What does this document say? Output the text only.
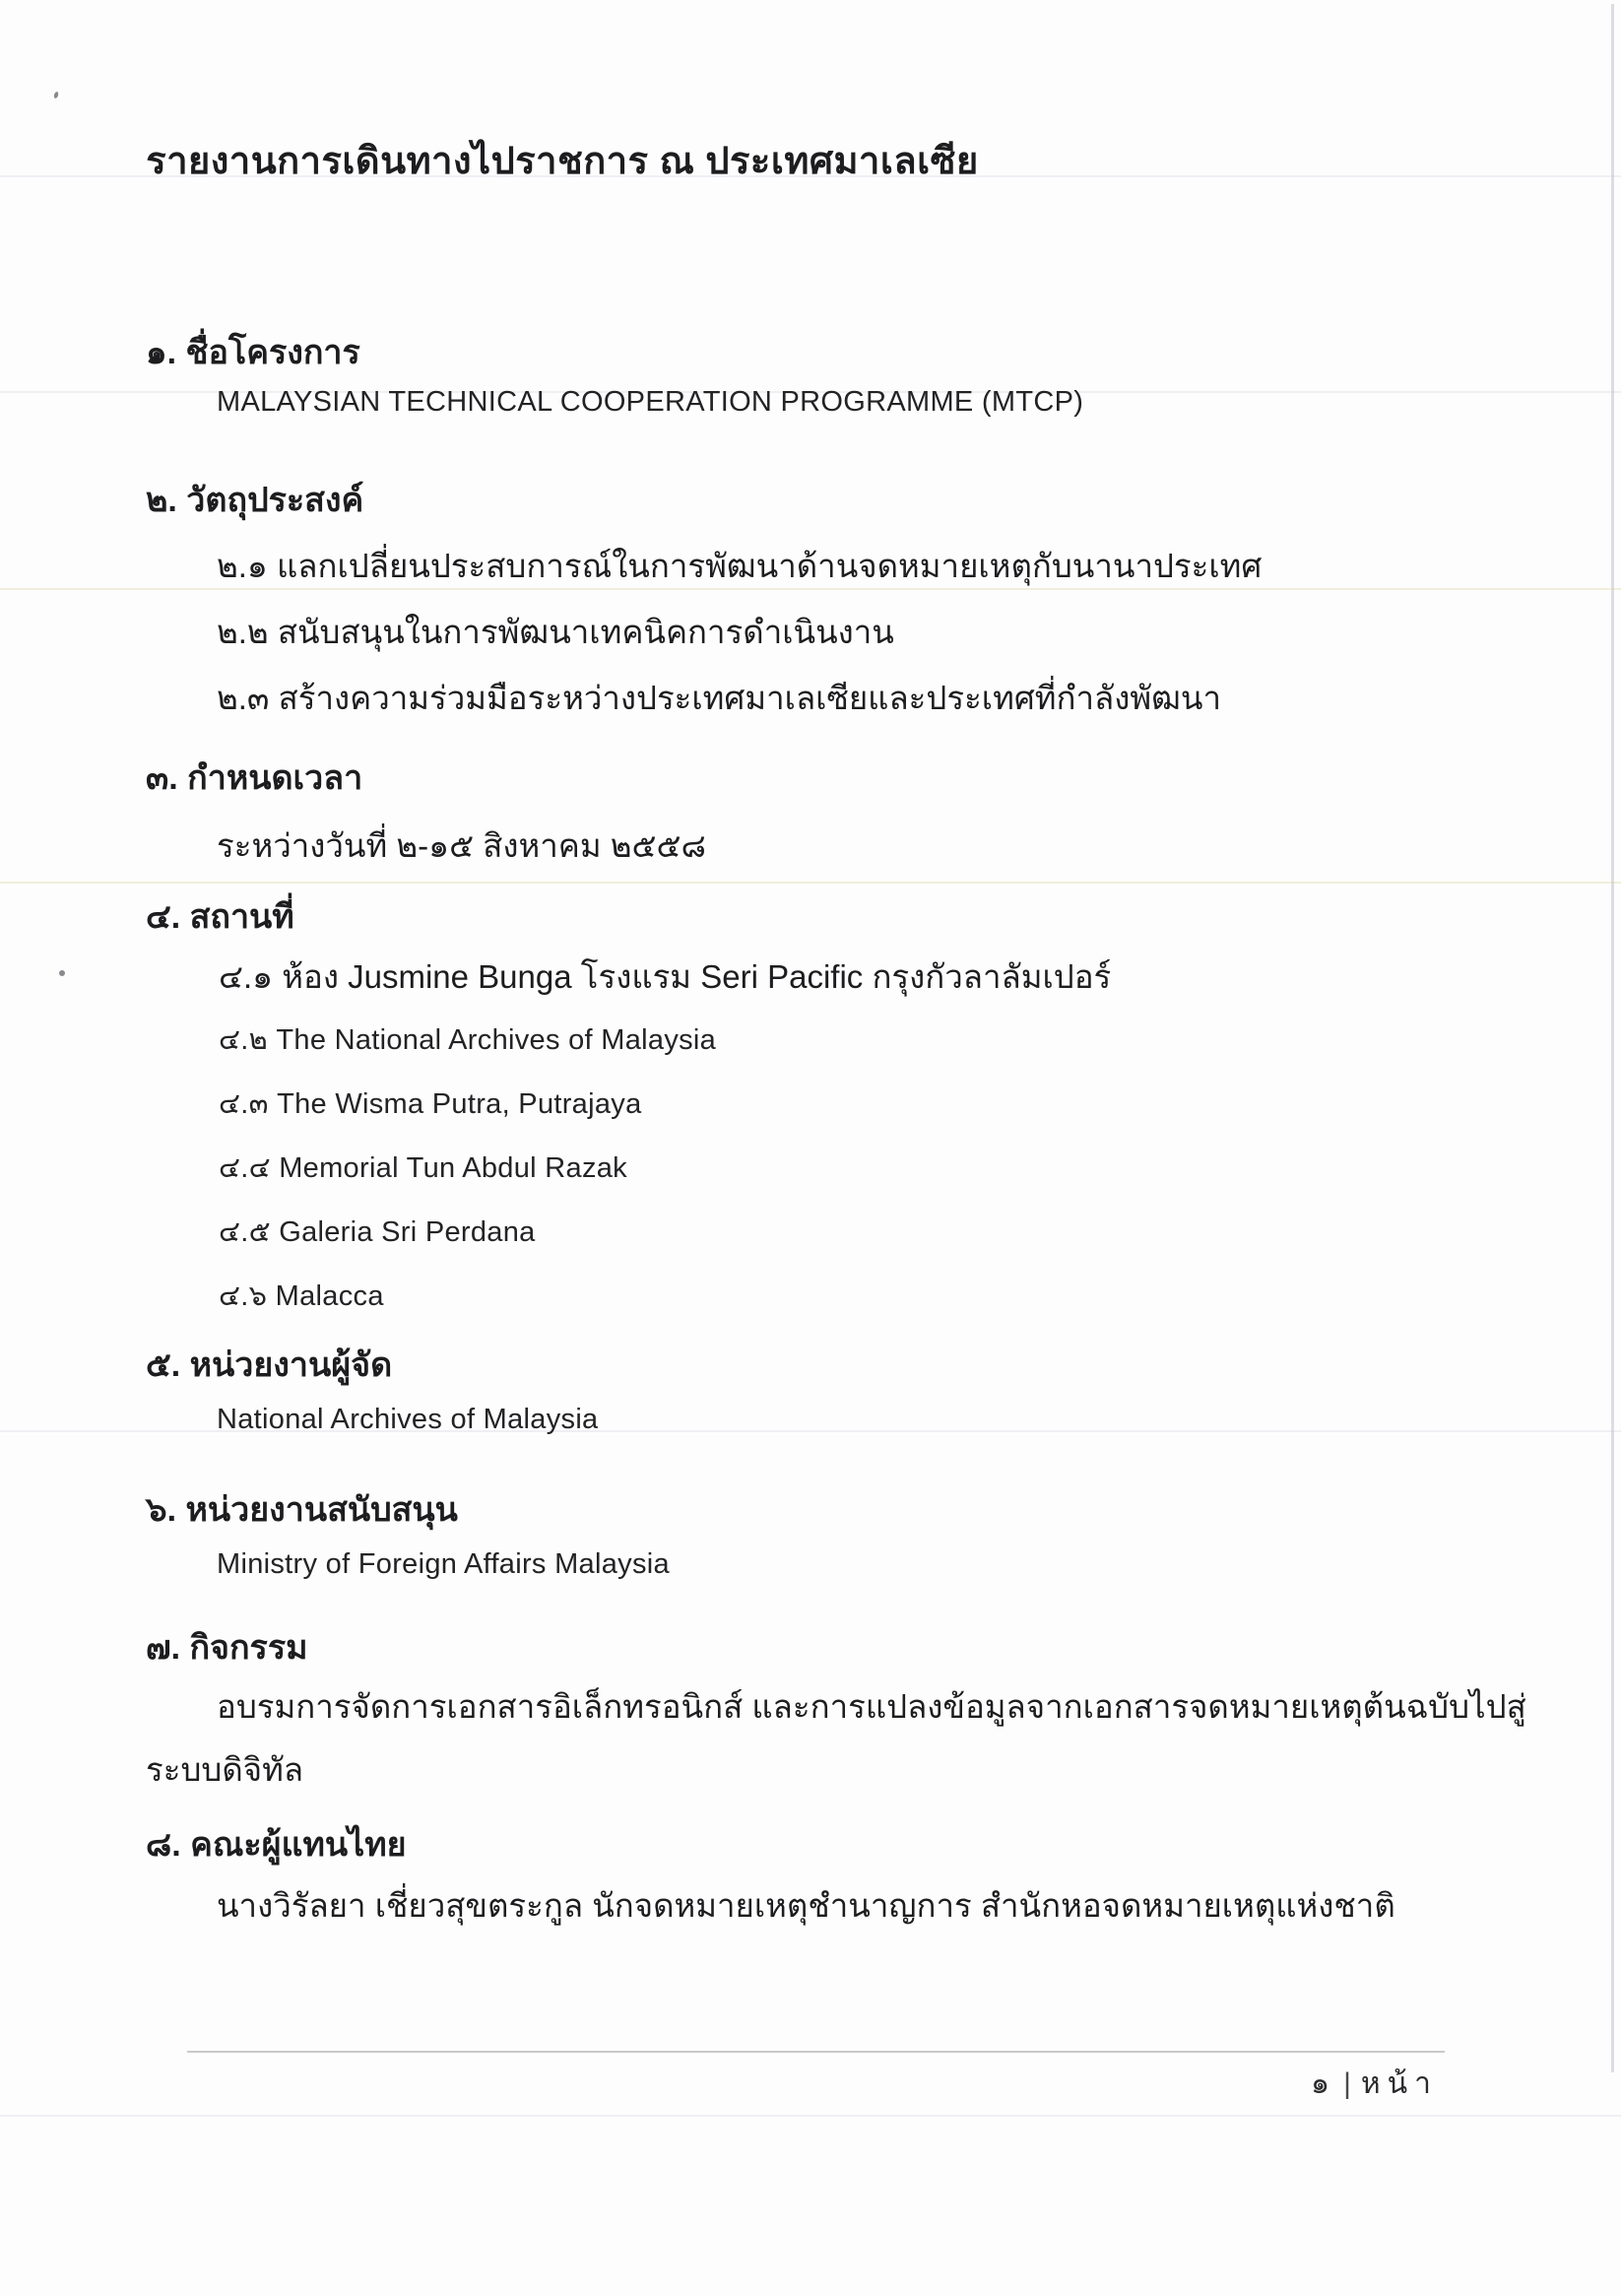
รายงานการเดินทางไปราชการ ณ ประเทศมาเลเซีย
๑. ชื่อโครงการ
MALAYSIAN TECHNICAL COOPERATION PROGRAMME (MTCP)
๒. วัตถุประสงค์
๒.๑ แลกเปลี่ยนประสบการณ์ในการพัฒนาด้านจดหมายเหตุกับนานาประเทศ
๒.๒ สนับสนุนในการพัฒนาเทคนิคการดำเนินงาน
๒.๓ สร้างความร่วมมือระหว่างประเทศมาเลเซียและประเทศที่กำลังพัฒนา
๓. กำหนดเวลา
ระหว่างวันที่ ๒-๑๕ สิงหาคม ๒๕๕๘
๔. สถานที่
๔.๑ ห้อง Jusmine Bunga โรงแรม Seri Pacific กรุงกัวลาลัมเปอร์
๔.๒ The National Archives of Malaysia
๔.๓ The Wisma Putra, Putrajaya
๔.๔ Memorial Tun Abdul Razak
๔.๕ Galeria Sri Perdana
๔.๖ Malacca
๕. หน่วยงานผู้จัด
National Archives of Malaysia
๖. หน่วยงานสนับสนุน
Ministry of Foreign Affairs Malaysia
๗. กิจกรรม
อบรมการจัดการเอกสารอิเล็กทรอนิกส์ และการแปลงข้อมูลจากเอกสารจดหมายเหตุต้นฉบับไปสู่
ระบบดิจิทัล
๘. คณะผู้แทนไทย
นางวิรัลยา เชี่ยวสุขตระกูล นักจดหมายเหตุชำนาญการ สำนักหอจดหมายเหตุแห่งชาติ
๑ | หน้า
